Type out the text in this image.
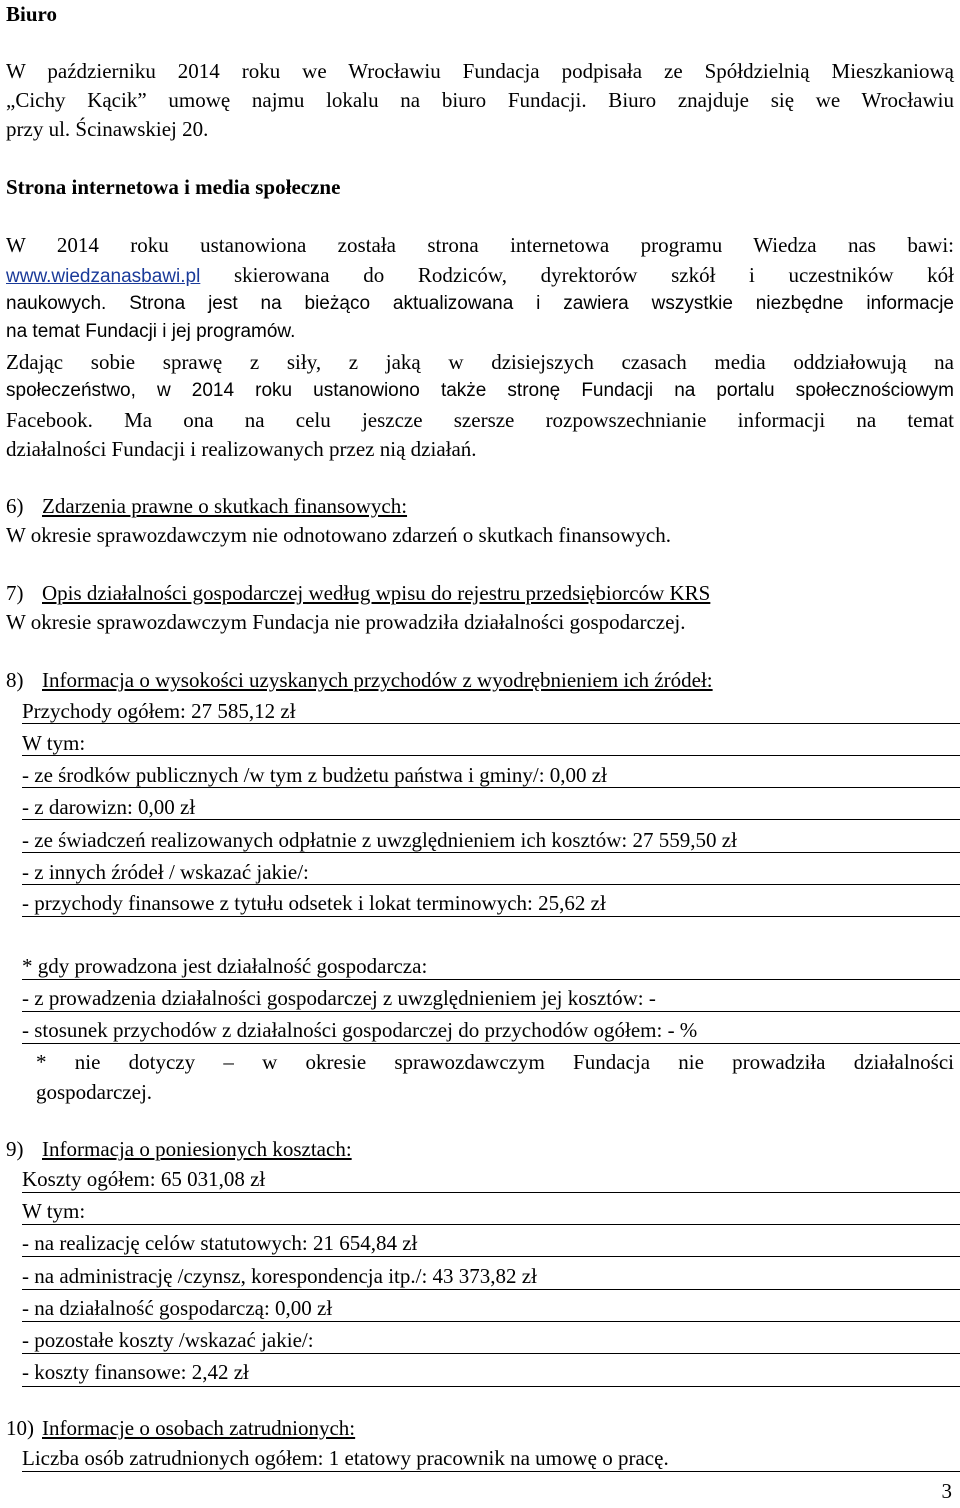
Biuro
W październiku 2014 roku we Wrocławiu Fundacja podpisała ze Spółdzielnią Mieszkaniową
„Cichy Kącik” umowę najmu lokalu na biuro Fundacji. Biuro znajduje się we Wrocławiu
przy ul. Ścinawskiej 20.
Strona internetowa i media społeczne
W 2014 roku ustanowiona została strona internetowa programu Wiedza nas bawi:
www.wiedzanasbawi.pl skierowana do Rodziców, dyrektorów szkół i uczestników kół
naukowych. Strona jest na bieżąco aktualizowana i zawiera wszystkie niezbędne informacje
na temat Fundacji i jej programów.
Zdając sobie sprawę z siły, z jaką w dzisiejszych czasach media oddziałowują na
społeczeństwo, w 2014 roku ustanowiono także stronę Fundacji na portalu społecznościowym
Facebook. Ma ona na celu jeszcze szersze rozpowszechnianie informacji na temat
działalności Fundacji i realizowanych przez nią działań.
6) Zdarzenia prawne o skutkach finansowych:
W okresie sprawozdawczym nie odnotowano zdarzeń o skutkach finansowych.
7) Opis działalności gospodarczej według wpisu do rejestru przedsiębiorców KRS
W okresie sprawozdawczym Fundacja nie prowadziła działalności gospodarczej.
8) Informacja o wysokości uzyskanych przychodów z wyodrębnieniem ich źródeł:
Przychody ogółem: 27 585,12 zł
W tym:
- ze środków publicznych /w tym z budżetu państwa i gminy/: 0,00 zł
- z darowizn: 0,00 zł
- ze świadczeń realizowanych odpłatnie z uwzględnieniem ich kosztów: 27 559,50 zł
- z innych źródeł / wskazać jakie/:
- przychody finansowe z tytułu odsetek i lokat terminowych: 25,62 zł
* gdy prowadzona jest działalność gospodarcza:
- z prowadzenia działalności gospodarczej z uwzględnieniem jej kosztów: -
- stosunek przychodów z działalności gospodarczej do przychodów ogółem: - %
* nie dotyczy – w okresie sprawozdawczym Fundacja nie prowadziła działalności
gospodarczej.
9) Informacja o poniesionych kosztach:
Koszty ogółem: 65 031,08 zł
W tym:
- na realizację celów statutowych: 21 654,84 zł
- na administrację /czynsz, korespondencja itp./: 43 373,82 zł
- na działalność gospodarczą: 0,00 zł
- pozostałe koszty /wskazać jakie/:
- koszty finansowe: 2,42 zł
10) Informacje o osobach zatrudnionych:
Liczba osób zatrudnionych ogółem: 1 etatowy pracownik na umowę o pracę.
3
